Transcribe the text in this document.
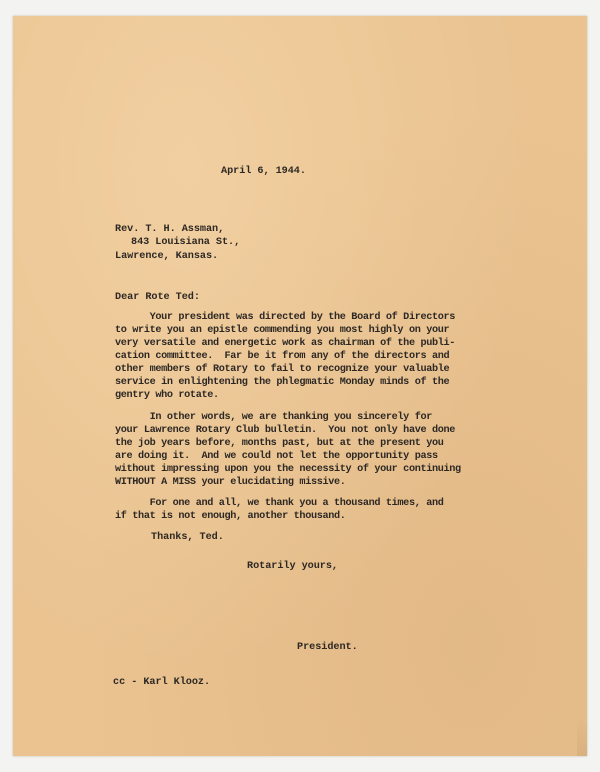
April 6, 1944.

Rev. T. H. Assman,

843 Louisiana St.,

Lawrence, Kansas.

Dear Rote Ted:

Your president was directed by the Board of Directors

to write you an epistle commending you most highly on your

very versatile and energetic work as chairman of the publi-

cation committee.  Far be it from any of the directors and

other members of Rotary to fail to recognize your valuable

service in enlightening the phlegmatic Monday minds of the

gentry who rotate.

In other words, we are thanking you sincerely for

your Lawrence Rotary Club bulletin.  You not only have done

the job years before, months past, but at the present you

are doing it.  And we could not let the opportunity pass

without impressing upon you the necessity of your continuing

WITHOUT A MISS your elucidating missive.

For one and all, we thank you a thousand times, and

if that is not enough, another thousand.

Thanks, Ted.

Rotarily yours,

President.

cc - Karl Klooz.
